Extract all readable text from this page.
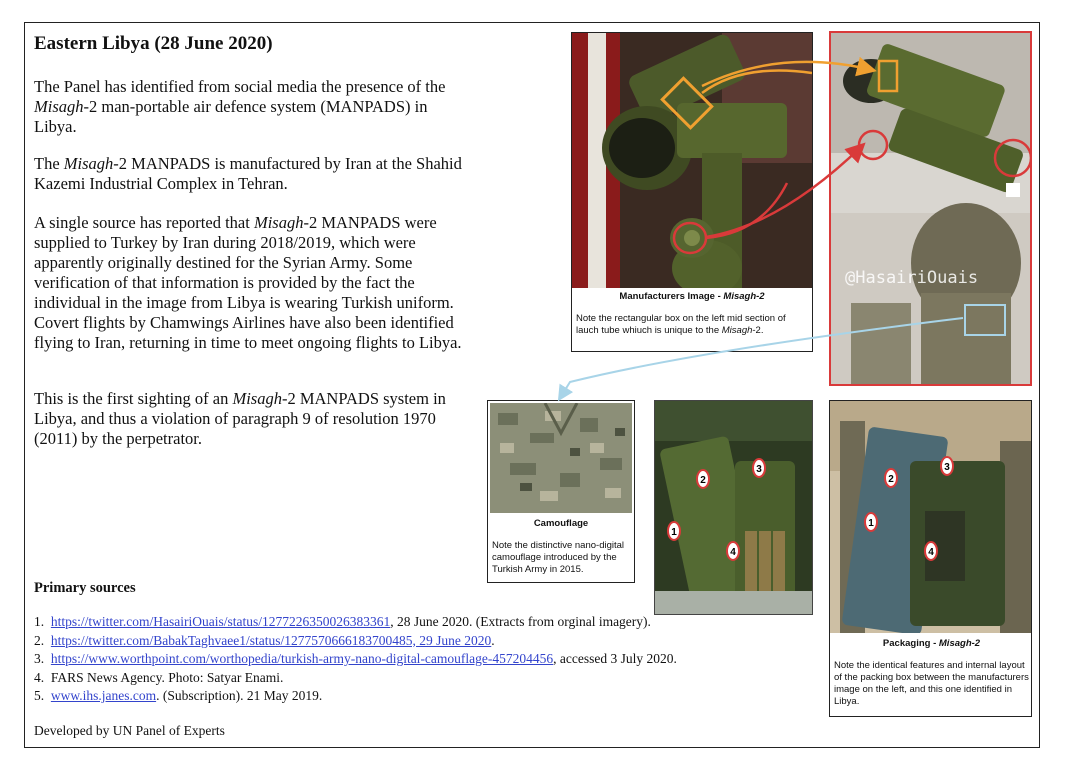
Eastern Libya (28 June 2020)
The Panel has identified from social media the presence of the Misagh-2 man-portable air defence system (MANPADS) in Libya.
The Misagh-2 MANPADS is manufactured by Iran at the Shahid Kazemi Industrial Complex in Tehran.
A single source has reported that Misagh-2 MANPADS were supplied to Turkey by Iran during 2018/2019, which were apparently originally destined for the Syrian Army. Some verification of that information is provided by the fact the individual in the image from Libya is wearing Turkish uniform. Covert flights by Chamwings Airlines have also been identified flying to Iran, returning in time to meet ongoing flights to Libya.
This is the first sighting of an Misagh-2 MANPADS system in Libya, and thus a violation of paragraph 9 of resolution 1970 (2011) by the perpetrator.
Primary sources
1. https://twitter.com/HasairiOuais/status/1277226350026383361, 28 June 2020. (Extracts from orginal imagery).
2. https://twitter.com/BabakTaghvaee1/status/1277570666183700485, 29 June 2020.
3. https://www.worthpoint.com/worthopedia/turkish-army-nano-digital-camouflage-457204456, accessed 3 July 2020.
4. FARS News Agency. Photo: Satyar Enami.
5. www.ihs.janes.com. (Subscription). 21 May 2019.
Developed by UN Panel of Experts
Manufacturers Image - Misagh-2
Note the rectangular box on the left mid section of lauch tube whiuch is unique to the Misagh-2.
@HasairiOuais
Camouflage
Note the distinctive nano-digital camouflage introduced by the Turkish Army in 2015.
1
2
3
4
Packaging - Misagh-2
Note the identical features and internal layout of the packing box between the manufacturers image on the left, and this one identified in Libya.
1
2
3
4
